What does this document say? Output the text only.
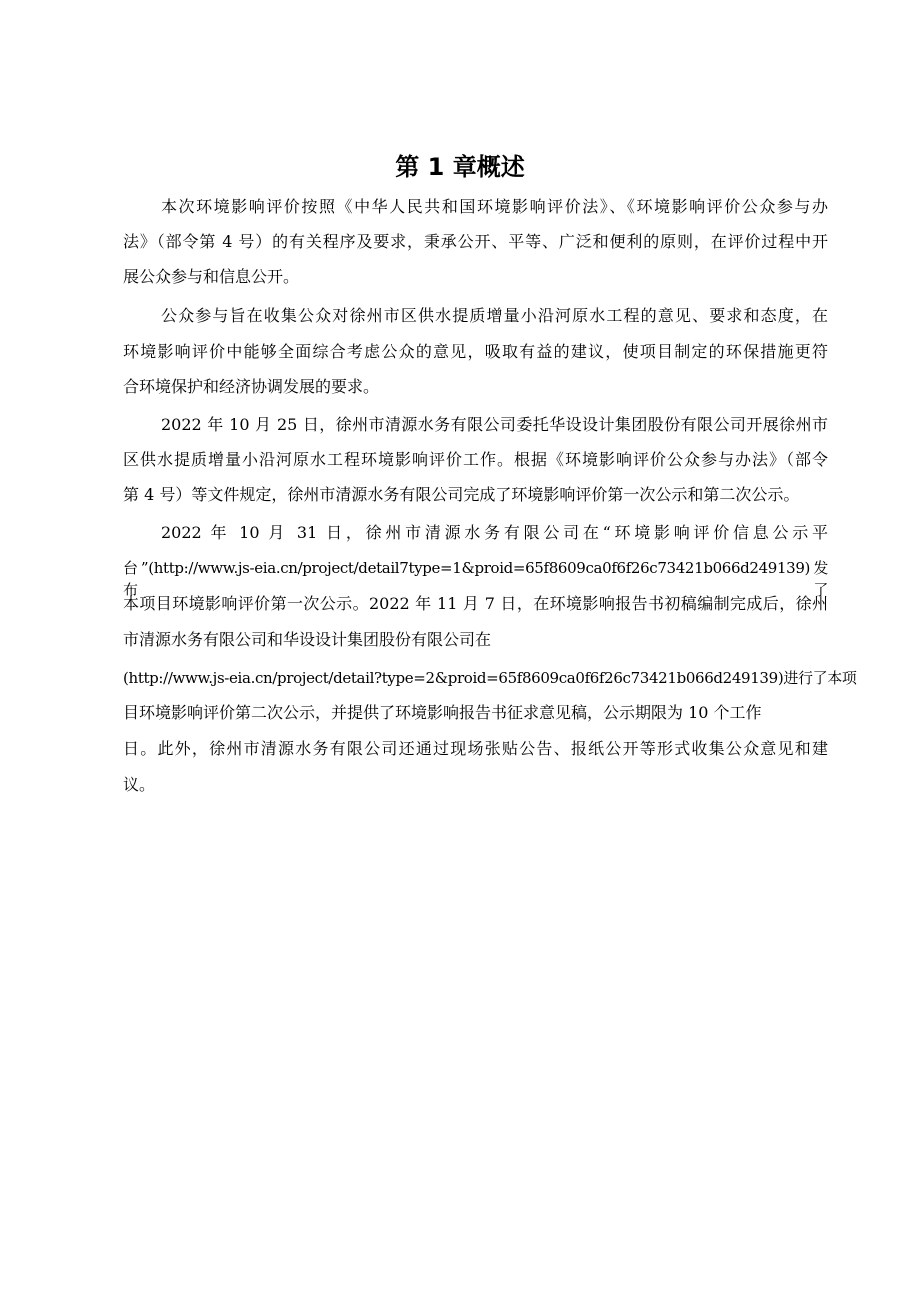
第 1 章概述

本次环境影响评价按照《中华人民共和国环境影响评价法》、《环境影响评价公众参与办

法》（部令第 4 号）的有关程序及要求，秉承公开、平等、广泛和便利的原则，在评价过程中开

展公众参与和信息公开。

公众参与旨在收集公众对徐州市区供水提质增量小沿河原水工程的意见、要求和态度，在

环境影响评价中能够全面综合考虑公众的意见，吸取有益的建议，使项目制定的环保措施更符

合环境保护和经济协调发展的要求。

2022 年 10 月 25 日，徐州市清源水务有限公司委托华设设计集团股份有限公司开展徐州市

区供水提质增量小沿河原水工程环境影响评价工作。根据《环境影响评价公众参与办法》（部令

第 4 号）等文件规定，徐州市清源水务有限公司完成了环境影响评价第一次公示和第二次公示。

2022 年 10 月 31 日，徐州市清源水务有限公司在“环境影响评价信息公示平

台”(http://www.js-eia.cn/project/detail7type=1&proid=65f8609ca0f6f26c73421b066d249139)发布了

本项目环境影响评价第一次公示。2022 年 11 月 7 日，在环境影响报告书初稿编制完成后，徐州

市清源水务有限公司和华设设计集团股份有限公司在

(http://www.js-eia.cn/project/detail?type=2&proid=65f8609ca0f6f26c73421b066d249139)进行了本项

目环境影响评价第二次公示，并提供了环境影响报告书征求意见稿，公示期限为 10 个工作

日。此外，徐州市清源水务有限公司还通过现场张贴公告、报纸公开等形式收集公众意见和建

议。
